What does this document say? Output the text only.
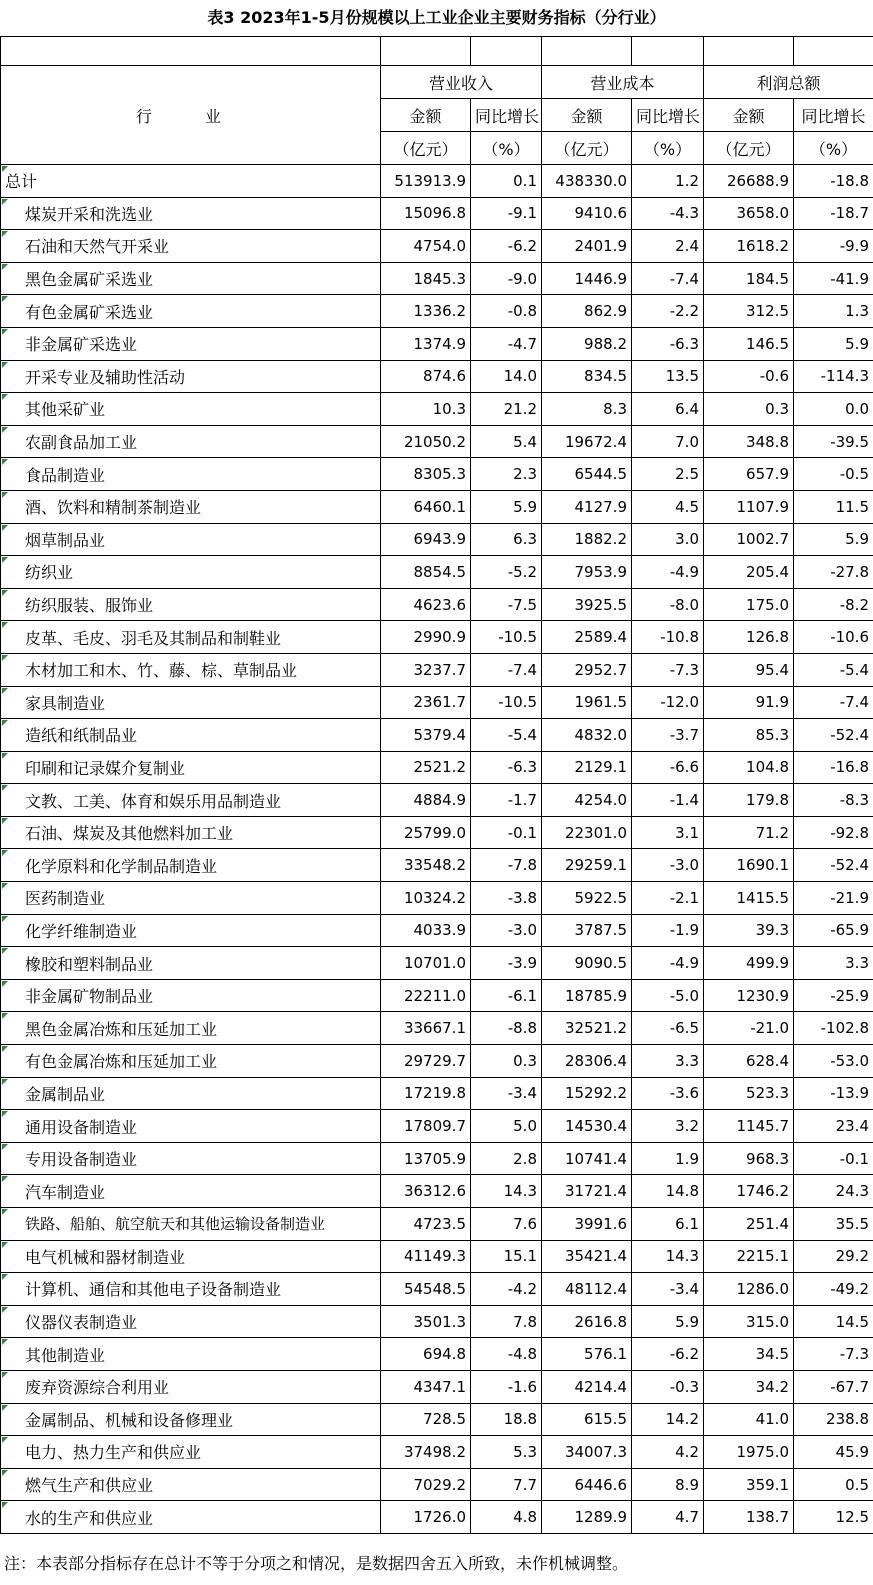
表3 2023年1-5月份规模以上工业企业主要财务指标（分行业）

行 业	营业收入		营业成本		利润总额	
	金额	同比增长	金额	同比增长	金额	同比增长
	（亿元）	（%）	（亿元）	（%）	（亿元）	（%）
总计	513913.9	0.1	438330.0	1.2	26688.9	-18.8
煤炭开采和洗选业	15096.8	-9.1	9410.6	-4.3	3658.0	-18.7
石油和天然气开采业	4754.0	-6.2	2401.9	2.4	1618.2	-9.9
黑色金属矿采选业	1845.3	-9.0	1446.9	-7.4	184.5	-41.9
有色金属矿采选业	1336.2	-0.8	862.9	-2.2	312.5	1.3
非金属矿采选业	1374.9	-4.7	988.2	-6.3	146.5	5.9
开采专业及辅助性活动	874.6	14.0	834.5	13.5	-0.6	-114.3
其他采矿业	10.3	21.2	8.3	6.4	0.3	0.0
农副食品加工业	21050.2	5.4	19672.4	7.0	348.8	-39.5
食品制造业	8305.3	2.3	6544.5	2.5	657.9	-0.5
酒、饮料和精制茶制造业	6460.1	5.9	4127.9	4.5	1107.9	11.5
烟草制品业	6943.9	6.3	1882.2	3.0	1002.7	5.9
纺织业	8854.5	-5.2	7953.9	-4.9	205.4	-27.8
纺织服装、服饰业	4623.6	-7.5	3925.5	-8.0	175.0	-8.2
皮革、毛皮、羽毛及其制品和制鞋业	2990.9	-10.5	2589.4	-10.8	126.8	-10.6
木材加工和木、竹、藤、棕、草制品业	3237.7	-7.4	2952.7	-7.3	95.4	-5.4
家具制造业	2361.7	-10.5	1961.5	-12.0	91.9	-7.4
造纸和纸制品业	5379.4	-5.4	4832.0	-3.7	85.3	-52.4
印刷和记录媒介复制业	2521.2	-6.3	2129.1	-6.6	104.8	-16.8
文教、工美、体育和娱乐用品制造业	4884.9	-1.7	4254.0	-1.4	179.8	-8.3
石油、煤炭及其他燃料加工业	25799.0	-0.1	22301.0	3.1	71.2	-92.8
化学原料和化学制品制造业	33548.2	-7.8	29259.1	-3.0	1690.1	-52.4
医药制造业	10324.2	-3.8	5922.5	-2.1	1415.5	-21.9
化学纤维制造业	4033.9	-3.0	3787.5	-1.9	39.3	-65.9
橡胶和塑料制品业	10701.0	-3.9	9090.5	-4.9	499.9	3.3
非金属矿物制品业	22211.0	-6.1	18785.9	-5.0	1230.9	-25.9
黑色金属冶炼和压延加工业	33667.1	-8.8	32521.2	-6.5	-21.0	-102.8
有色金属冶炼和压延加工业	29729.7	0.3	28306.4	3.3	628.4	-53.0
金属制品业	17219.8	-3.4	15292.2	-3.6	523.3	-13.9
通用设备制造业	17809.7	5.0	14530.4	3.2	1145.7	23.4
专用设备制造业	13705.9	2.8	10741.4	1.9	968.3	-0.1
汽车制造业	36312.6	14.3	31721.4	14.8	1746.2	24.3
铁路、船舶、航空航天和其他运输设备制造业	4723.5	7.6	3991.6	6.1	251.4	35.5
电气机械和器材制造业	41149.3	15.1	35421.4	14.3	2215.1	29.2
计算机、通信和其他电子设备制造业	54548.5	-4.2	48112.4	-3.4	1286.0	-49.2
仪器仪表制造业	3501.3	7.8	2616.8	5.9	315.0	14.5
其他制造业	694.8	-4.8	576.1	-6.2	34.5	-7.3
废弃资源综合利用业	4347.1	-1.6	4214.4	-0.3	34.2	-67.7
金属制品、机械和设备修理业	728.5	18.8	615.5	14.2	41.0	238.8
电力、热力生产和供应业	37498.2	5.3	34007.3	4.2	1975.0	45.9
燃气生产和供应业	7029.2	7.7	6446.6	8.9	359.1	0.5
水的生产和供应业	1726.0	4.8	1289.9	4.7	138.7	12.5
注：本表部分指标存在总计不等于分项之和情况，是数据四舍五入所致，未作机械调整。
